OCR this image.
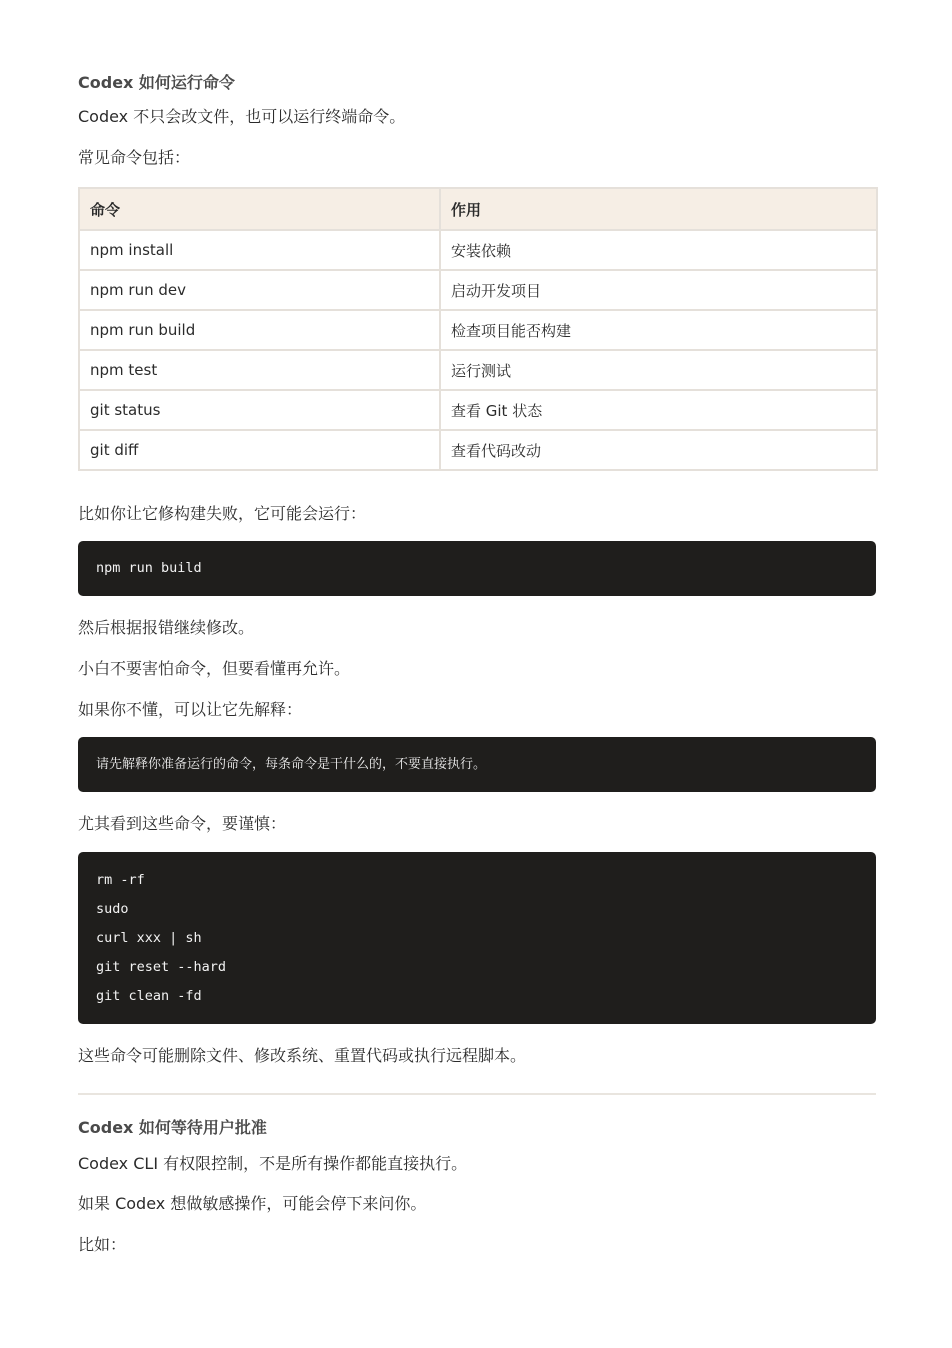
Codex 如何运行命令
Codex 不只会改文件，也可以运行终端命令。
常见命令包括：
命令	作用
npm install	安装依赖
npm run dev	启动开发项目
npm run build	检查项目能否构建
npm test	运行测试
git status	查看 Git 状态
git diff	查看代码改动
比如你让它修构建失败，它可能会运行：
npm run build
然后根据报错继续修改。
小白不要害怕命令，但要看懂再允许。
如果你不懂，可以让它先解释：
请先解释你准备运行的命令，每条命令是干什么的，不要直接执行。
尤其看到这些命令，要谨慎：
rm -rf
sudo
curl xxx | sh
git reset --hard
git clean -fd
这些命令可能删除文件、修改系统、重置代码或执行远程脚本。
Codex 如何等待用户批准
Codex CLI 有权限控制，不是所有操作都能直接执行。
如果 Codex 想做敏感操作，可能会停下来问你。
比如：
